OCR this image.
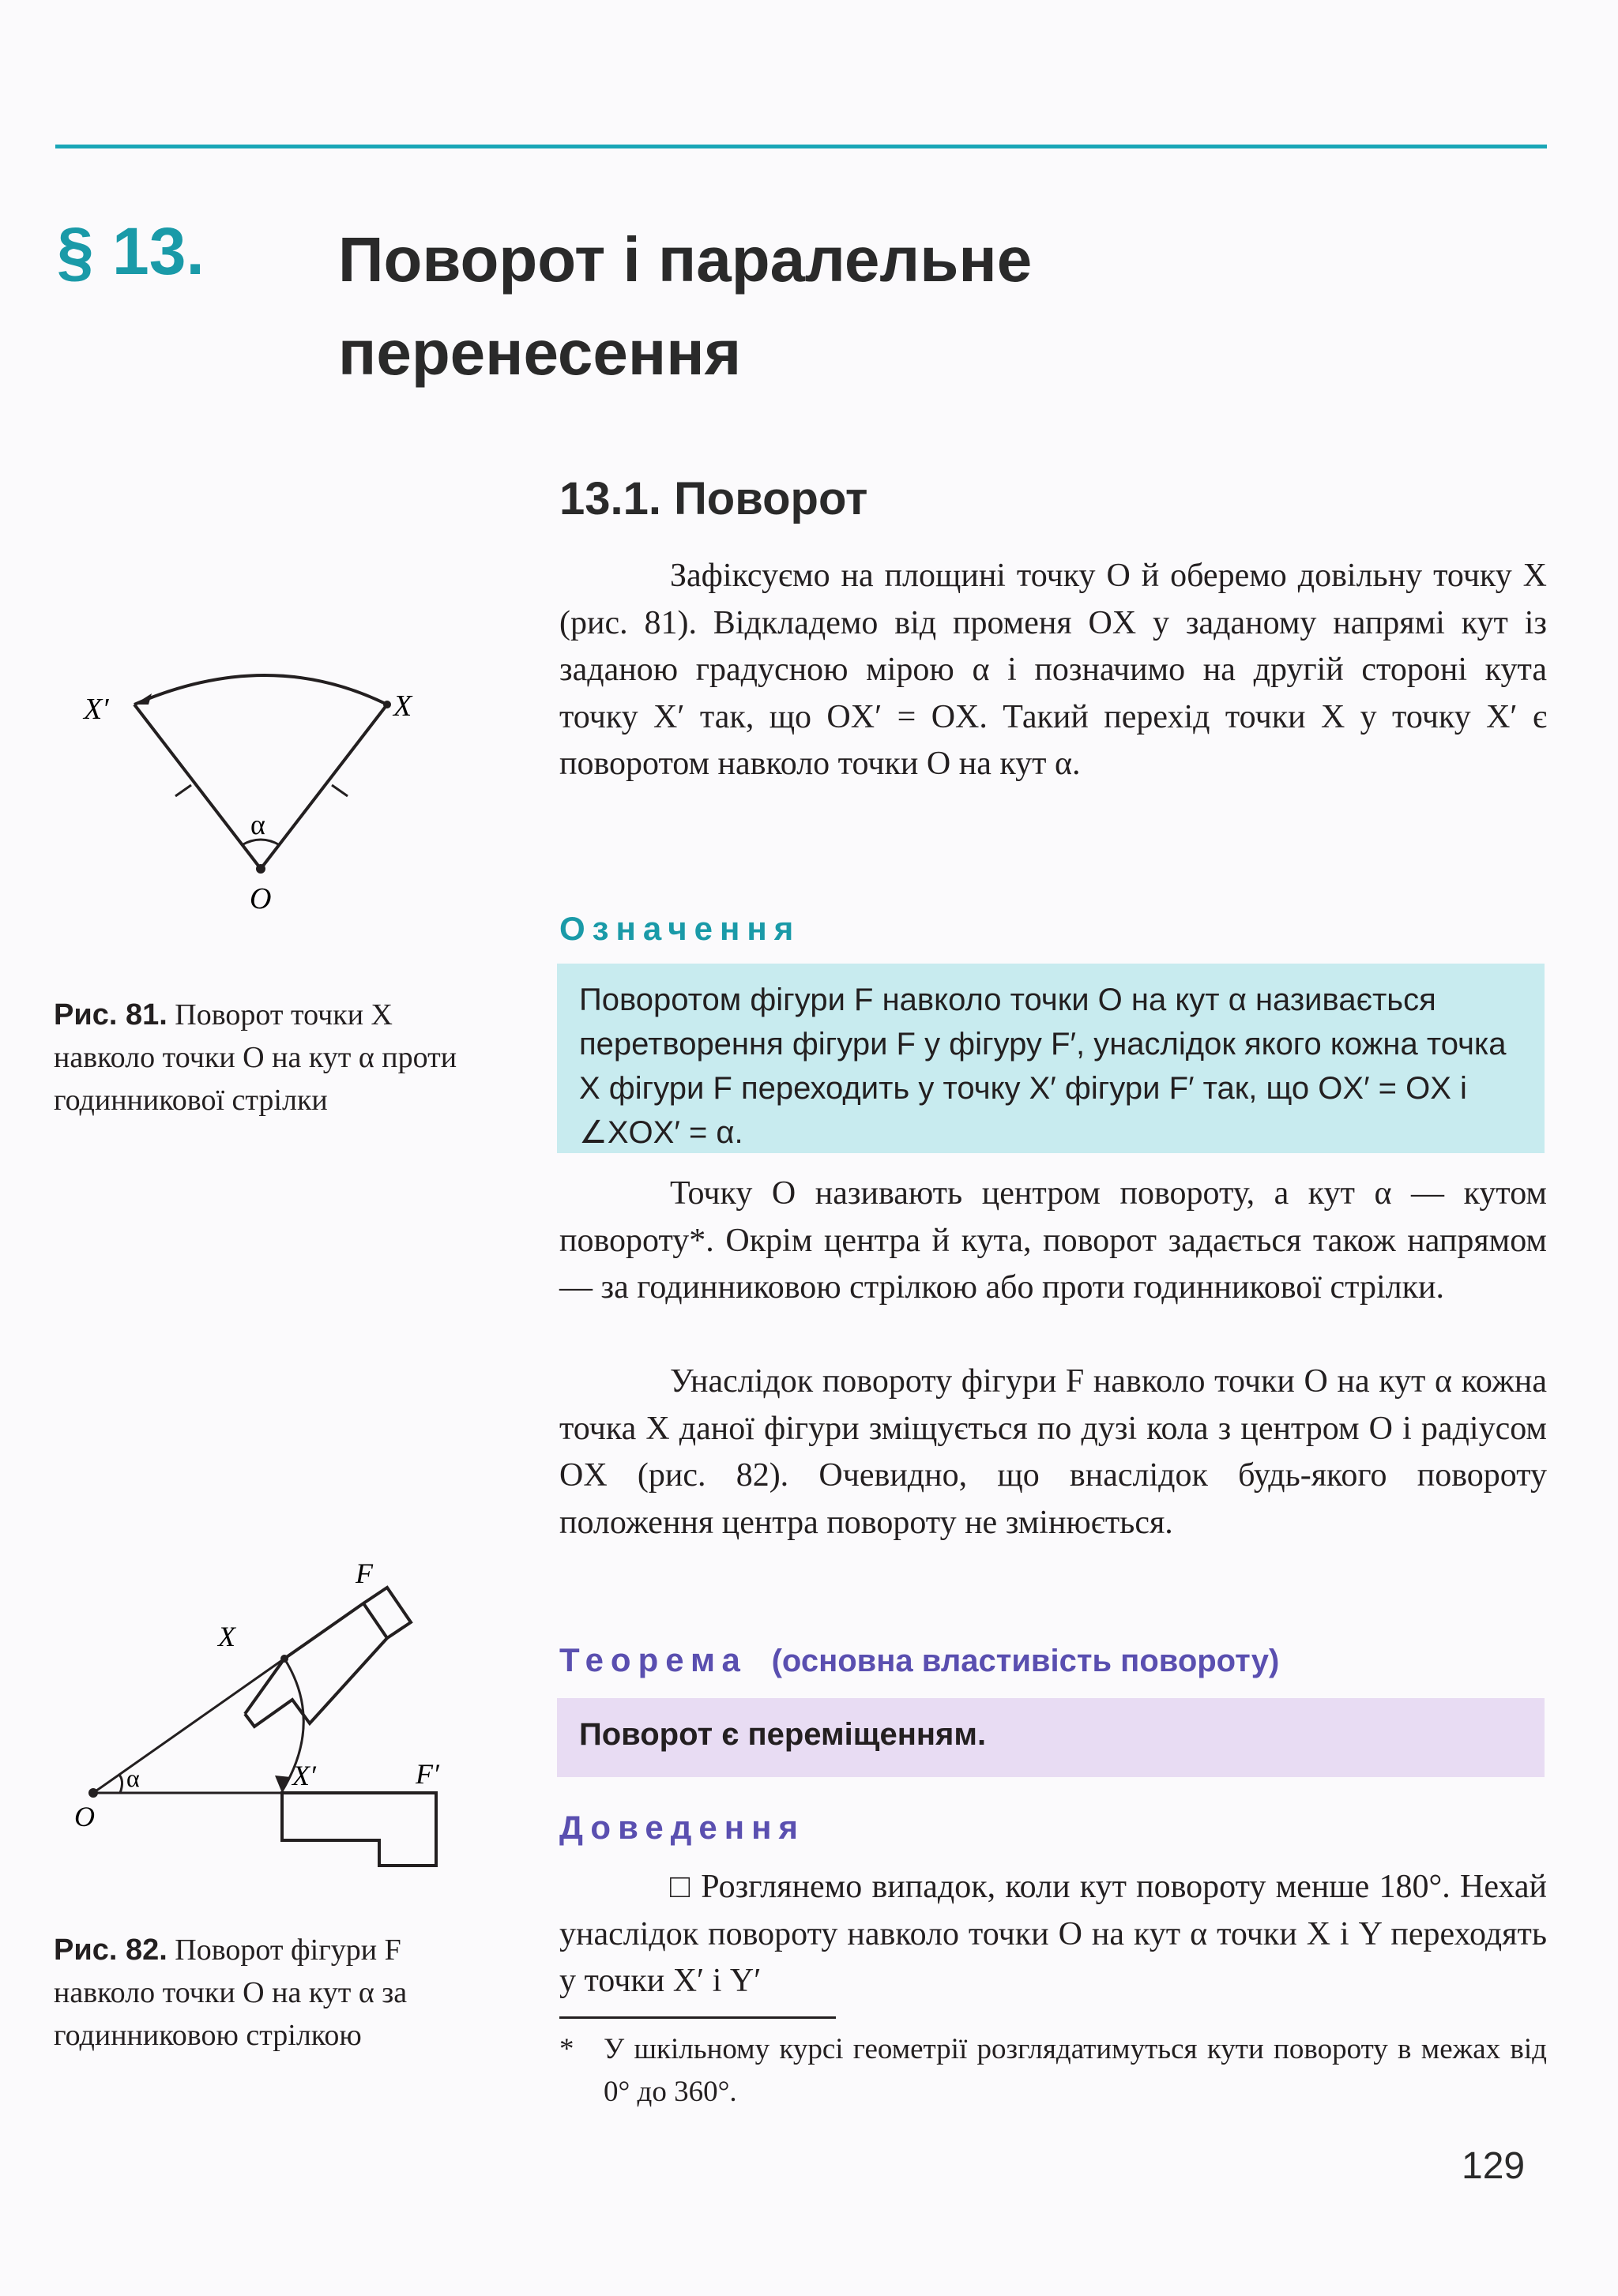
§ 13. Поворот і паралельне перенесення
13.1. Поворот

Зафіксуємо на площині точку O й оберемо довільну точку X (рис. 81). Відкладемо від променя OX у заданому напрямі кут із заданою градусною мірою α і позначимо на другій стороні кута точку X′ так, що OX′ = OX. Такий перехід точки X у точку X′ є поворотом навколо точки O на кут α.

Означення
Поворотом фігури F навколо точки O на кут α називається перетворення фігури F у фігуру F′, унаслідок якого кожна точка X фігури F переходить у точку X′ фігури F′ так, що OX′ = OX і ∠XOX′ = α.

Точку O називають центром повороту, а кут α — кутом повороту*. Окрім центра й кута, поворот задається також напрямом — за годинниковою стрілкою або проти годинникової стрілки.

Унаслідок повороту фігури F навколо точки O на кут α кожна точка X даної фігури зміщується по дузі кола з центром O і радіусом OX (рис. 82). Очевидно, що внаслідок будь-якого повороту положення центра повороту не змінюється.

Теорема (основна властивість повороту)
Поворот є переміщенням.
Доведення

□ Розглянемо випадок, коли кут повороту менше 180°. Нехай унаслідок повороту навколо точки O на кут α точки X і Y переходять у точки X′ і Y′

*	У шкільному курсі геометрії розглядатимуться кути повороту в межах від 0° до 360°.

X′	X
α
O
Рис. 81. Поворот точки X навколо точки O на кут α проти годинникової стрілки
F
X
α	X′	F′
O
Рис. 82. Поворот фігури F навколо точки O на кут α за годинниковою стрілкою
129
